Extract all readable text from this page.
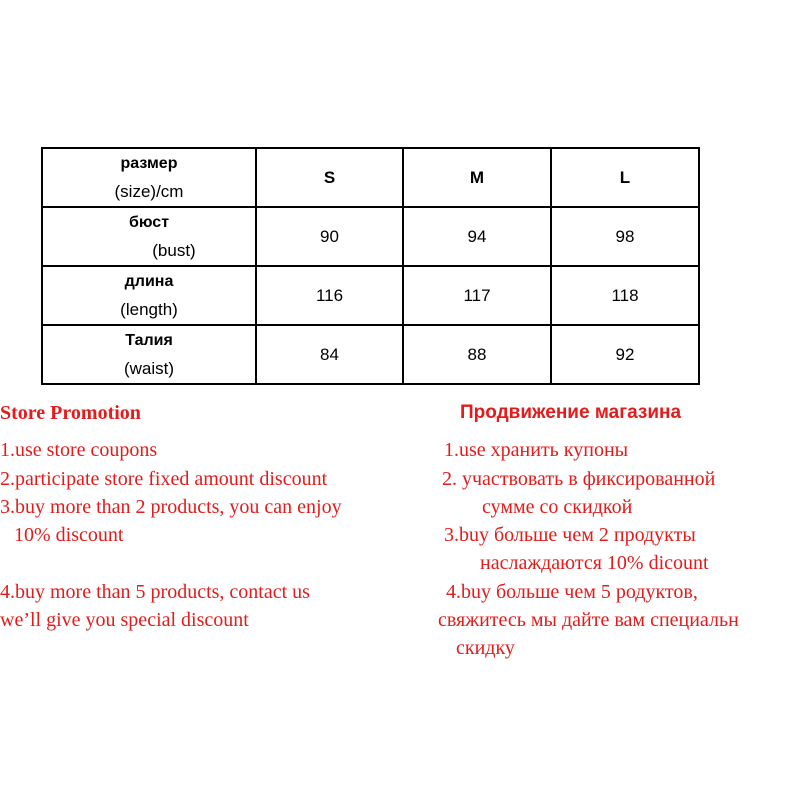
размер
(size)/cm	S	M	L

бюст
(bust)	90	94	98

длина
(length)	116	117	118

Талия
(waist)	84	88	92
Store Promotion
1.use store coupons
2.participate store fixed amount discount
3.buy more than 2 products, you can enjoy
10% discount
4.buy more than 5 products, contact us
we’ll give you special discount
Продвижение магазина
1.use хранить купоны
2. участвовать в фиксированной
сумме со скидкой
3.buy больше чем 2 продукты
наслаждаются 10% dicount
4.buy больше чем 5 родуктов,
свяжитесь мы дайте вам специальн
скидку
